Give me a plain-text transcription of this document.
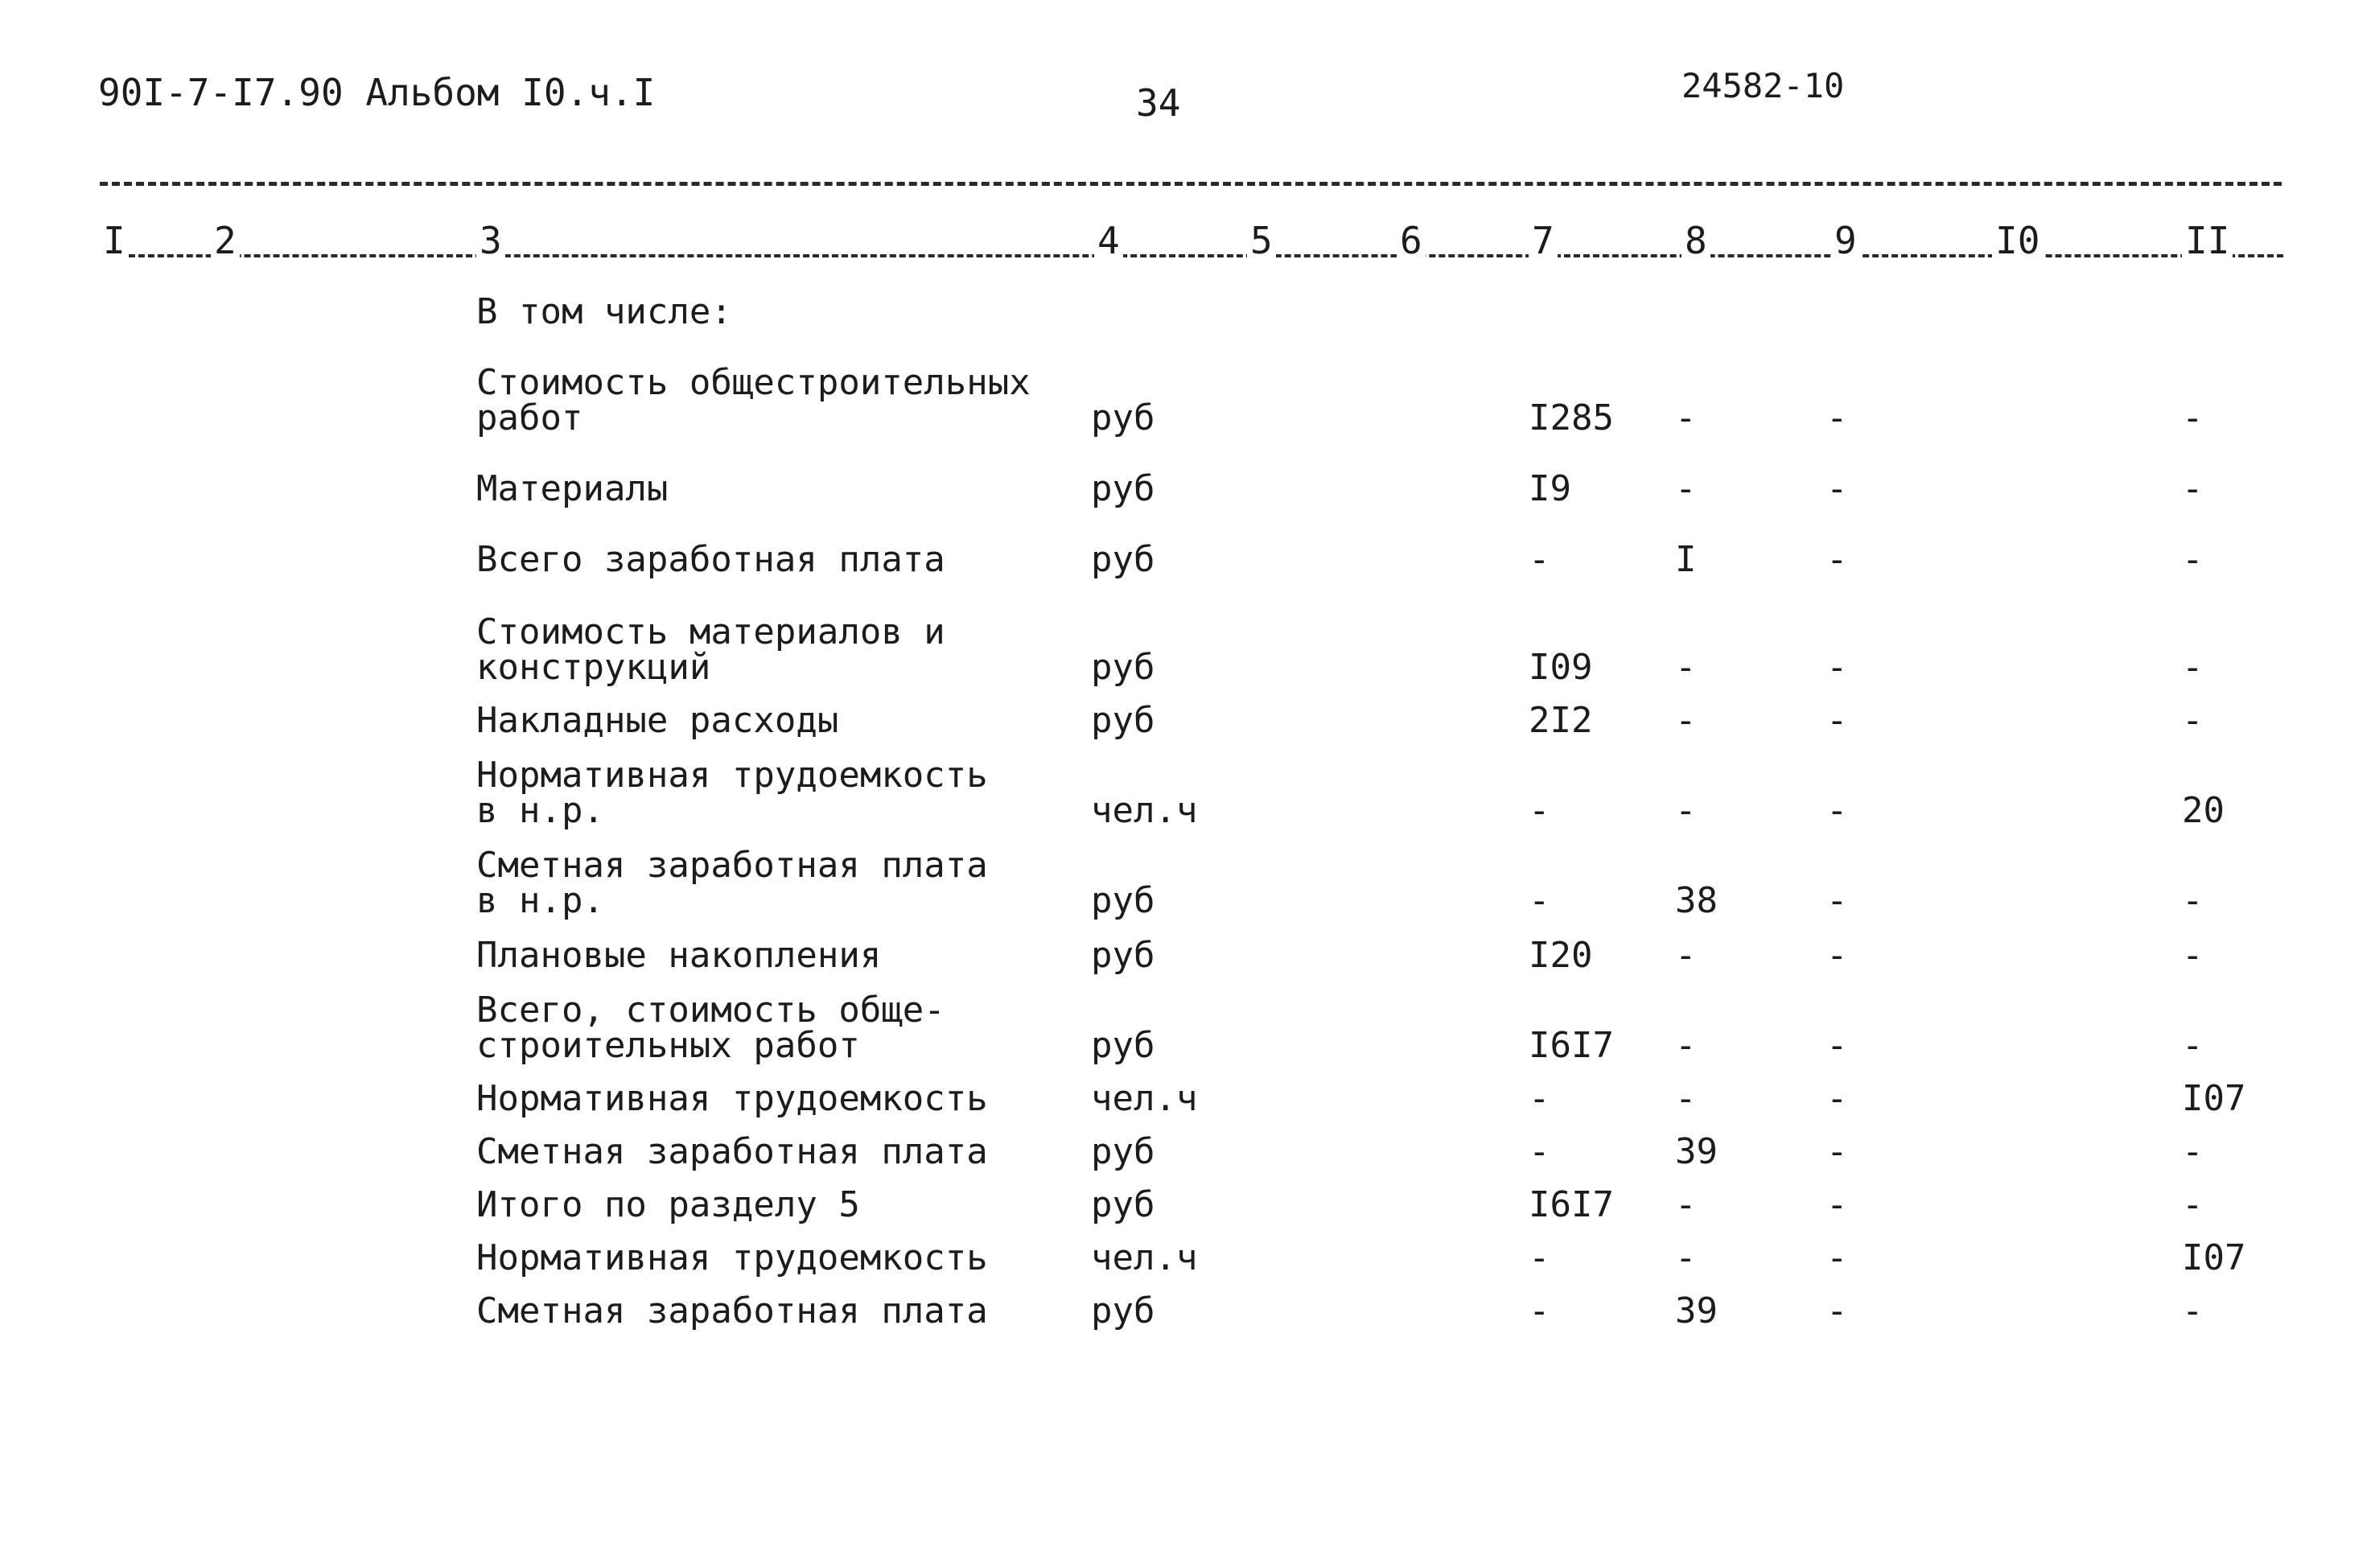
90I-7-I7.90 Альбом I0.ч.I	34	24582-10
I 2	3	4	5	6	7	8	9	I0	II
В том числе:
Стоимость общестроительных
работ	руб	I285 -	-	-
Материалы	руб	I9	-	-	-
Всего заработная плата	руб	-	I	-	-
Стоимость материалов и
конструкций	руб	I09 -	-	-
Накладные расходы	руб	2I2 -	-	-
Нормативная трудоемкость
в н.р.	чел.ч	-	-	-	20
Сметная заработная плата
в н.р.	руб	-	38	-	-
Плановые накопления	руб	I20 -	-	-
Всего, стоимость обще-
строительных работ	руб	I6I7 -	-	-
Нормативная трудоемкость	чел.ч	-	-	-	I07
Сметная заработная плата	руб	-	39	-	-
Итого по разделу 5	руб	I6I7 -	-	-
Нормативная трудоемкость	чел.ч	-	-	-	I07
Сметная заработная плата	руб	-	39	-	-
